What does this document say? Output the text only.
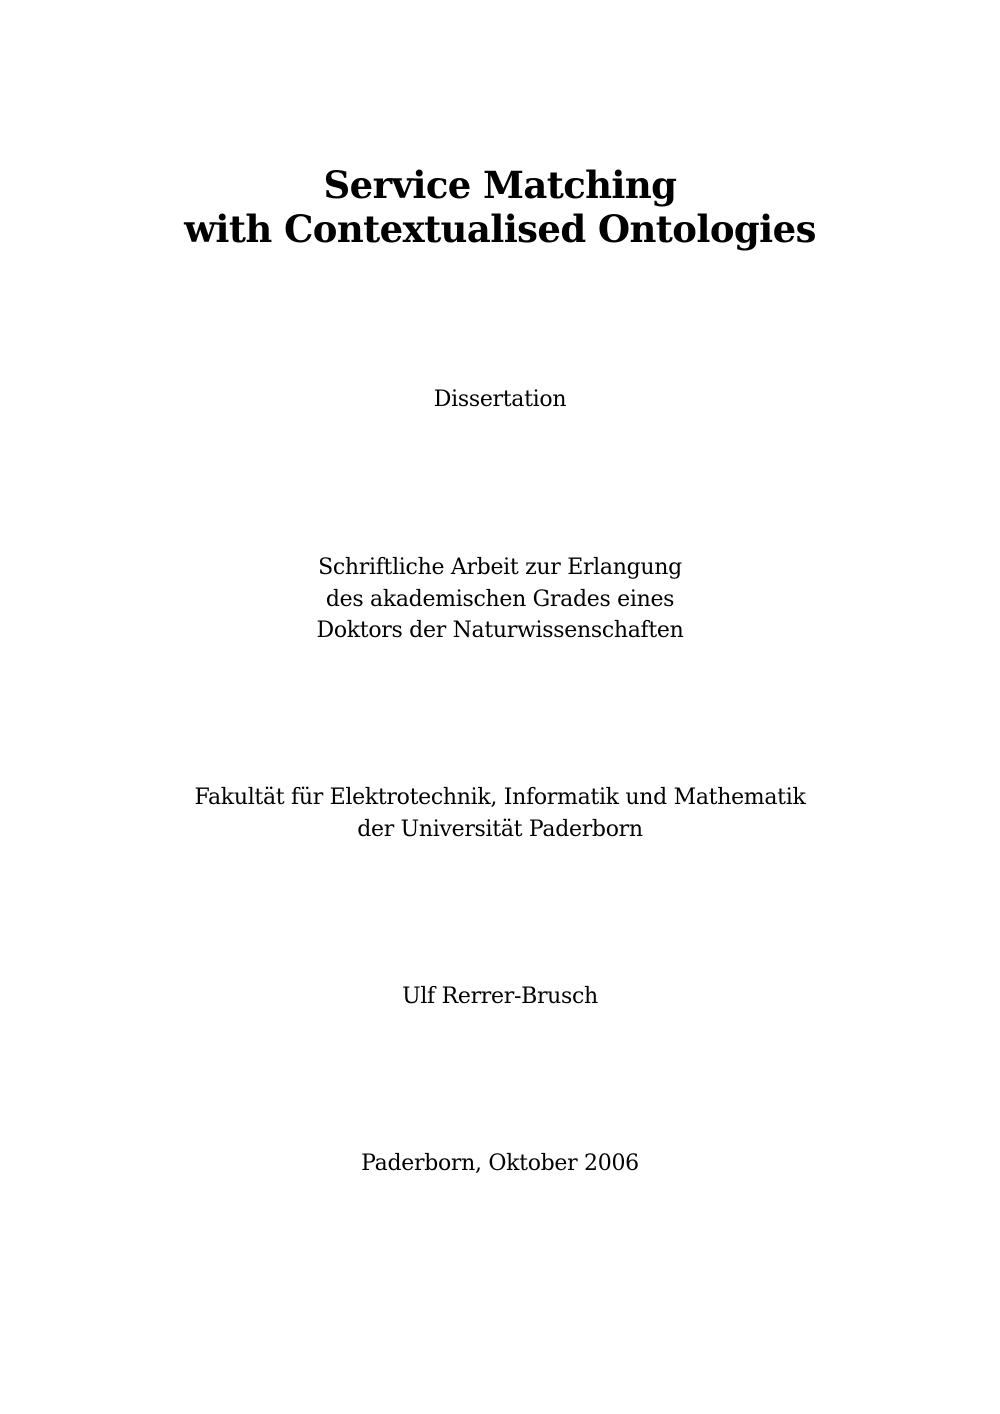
Service Matching
with Contextualised Ontologies
Dissertation
Schriftliche Arbeit zur Erlangung
des akademischen Grades eines
Doktors der Naturwissenschaften
Fakultät für Elektrotechnik, Informatik und Mathematik
der Universität Paderborn
Ulf Rerrer-Brusch
Paderborn, Oktober 2006
